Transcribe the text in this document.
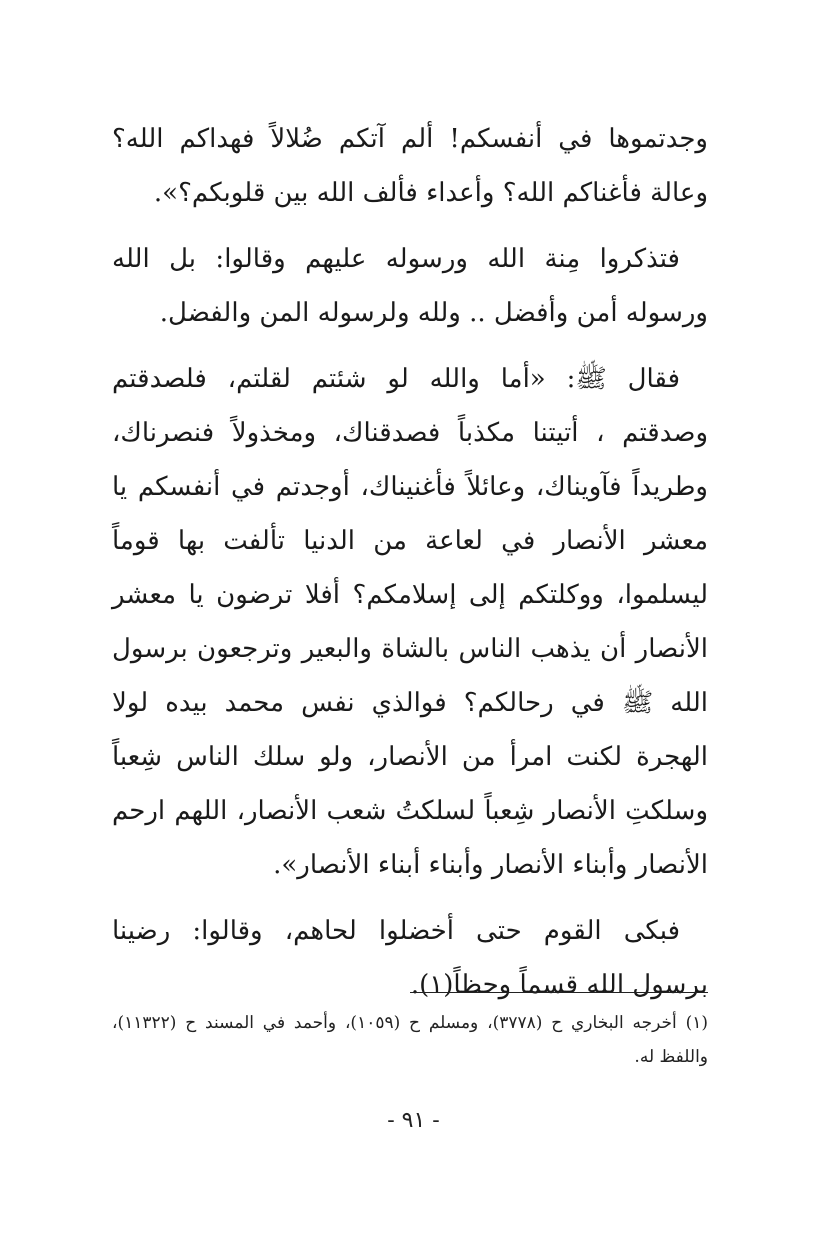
وجدتموها في أنفسكم! ألم آتكم ضُلالاً فهداكم الله؟ وعالة فأغناكم الله؟ وأعداء فألف الله بين قلوبكم؟».

فتذكروا مِنة الله ورسوله عليهم وقالوا: بل الله ورسوله أمن وأفضل .. ولله ولرسوله المن والفضل.

فقال ﷺ: «أما والله لو شئتم لقلتم، فلصدقتم وصدقتم ، أتيتنا مكذباً فصدقناك، ومخذولاً فنصرناك، وطريداً فآويناك، وعائلاً فأغنيناك، أوجدتم في أنفسكم يا معشر الأنصار في لعاعة من الدنيا تألفت بها قوماً ليسلموا، ووكلتكم إلى إسلامكم؟ أفلا ترضون يا معشر الأنصار أن يذهب الناس بالشاة والبعير وترجعون برسول الله ﷺ في رحالكم؟ فوالذي نفس محمد بيده لولا الهجرة لكنت امرأ من الأنصار، ولو سلك الناس شِعباً وسلكتِ الأنصار شِعباً لسلكتُ شعب الأنصار، اللهم ارحم الأنصار وأبناء الأنصار وأبناء أبناء الأنصار».

فبكى القوم حتى أخضلوا لحاهم، وقالوا: رضينا برسول الله قسماً وحظاً(١).

(١) أخرجه البخاري ح (٣٧٧٨)، ومسلم ح (١٠٥٩)، وأحمد في المسند ح (١١٣٢٢)، واللفظ له.
- ٩١ -
